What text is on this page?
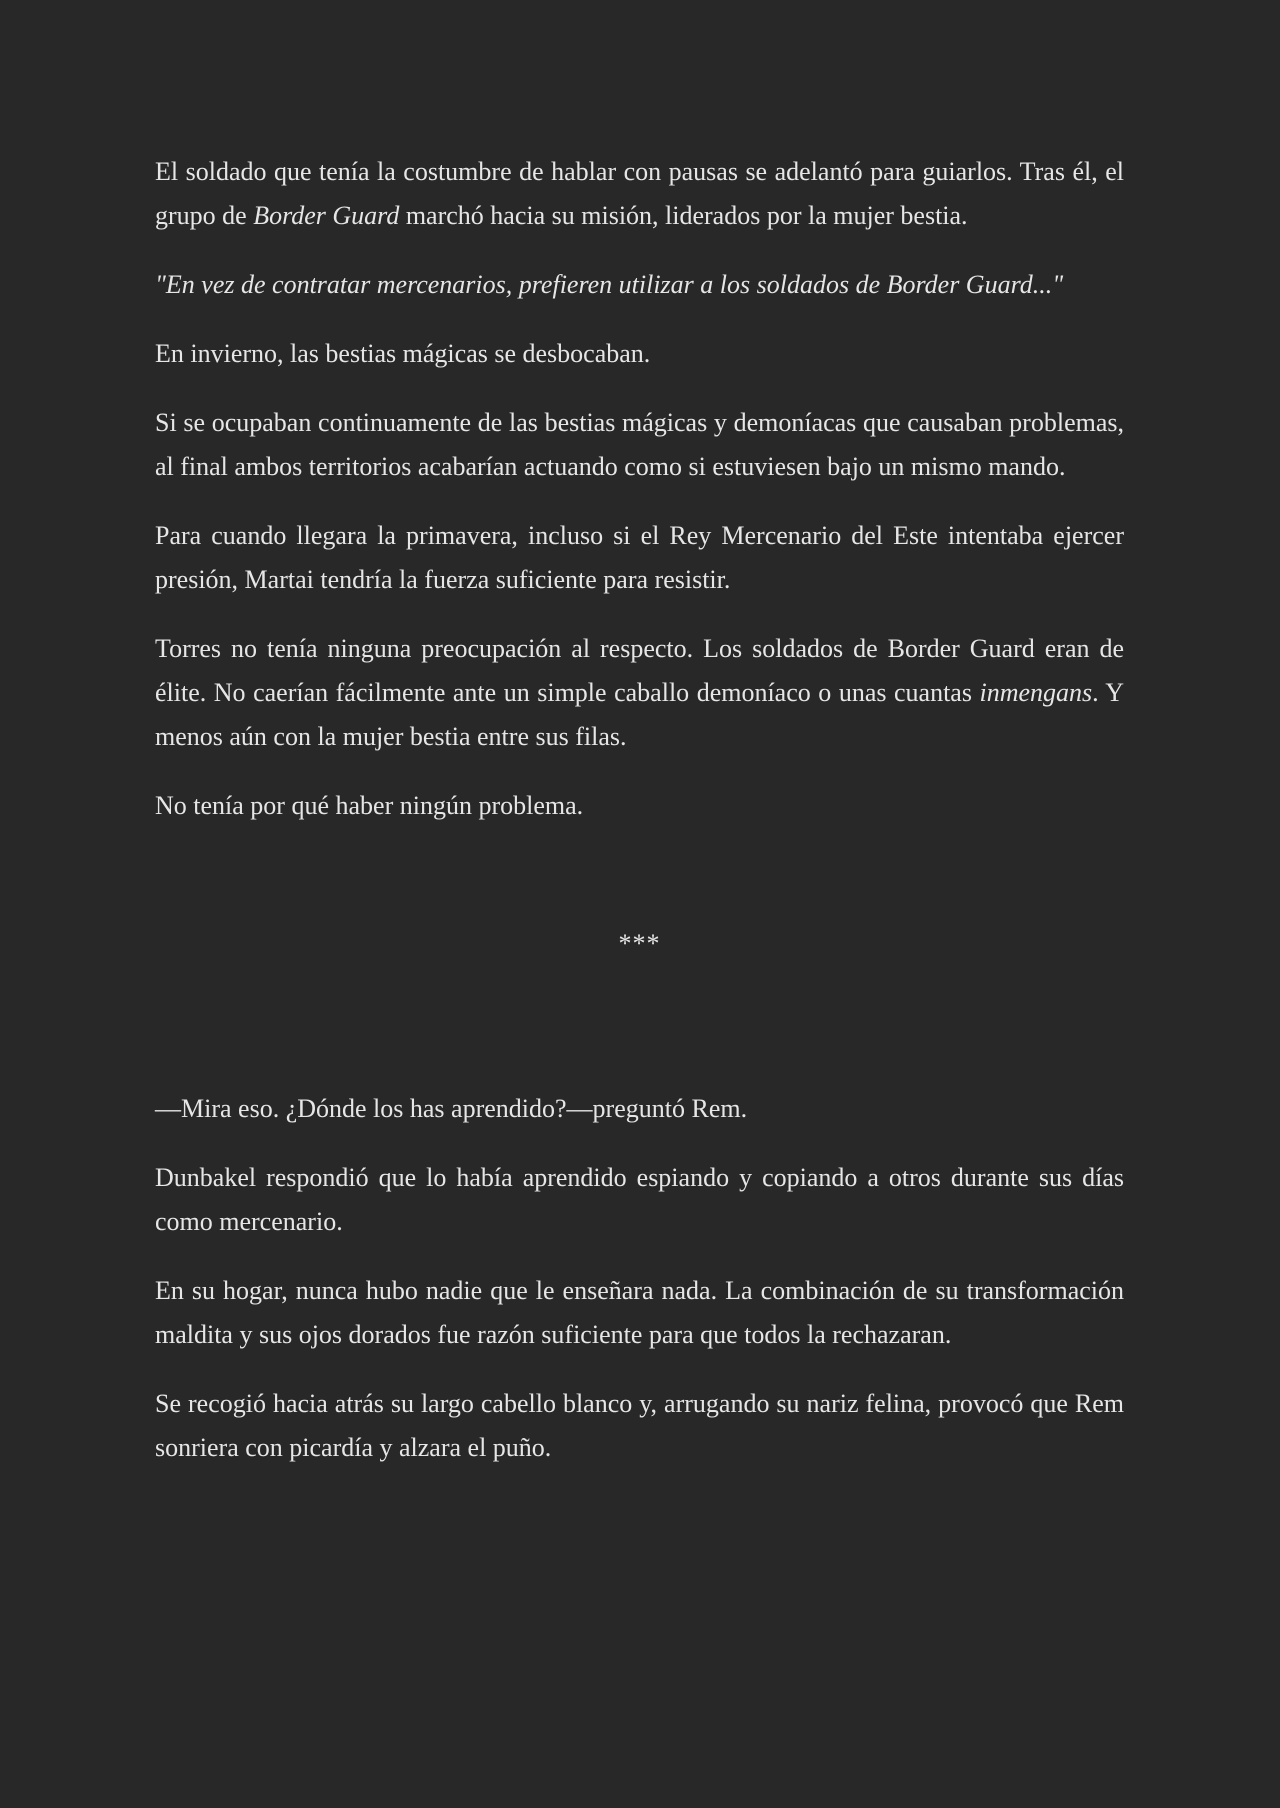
El soldado que tenía la costumbre de hablar con pausas se adelantó para guiarlos. Tras él, el grupo de Border Guard marchó hacia su misión, liderados por la mujer bestia.

"En vez de contratar mercenarios, prefieren utilizar a los soldados de Border Guard..."

En invierno, las bestias mágicas se desbocaban.

Si se ocupaban continuamente de las bestias mágicas y demoníacas que causaban problemas, al final ambos territorios acabarían actuando como si estuviesen bajo un mismo mando.

Para cuando llegara la primavera, incluso si el Rey Mercenario del Este intentaba ejercer presión, Martai tendría la fuerza suficiente para resistir.

Torres no tenía ninguna preocupación al respecto. Los soldados de Border Guard eran de élite. No caerían fácilmente ante un simple caballo demoníaco o unas cuantas inmengans. Y menos aún con la mujer bestia entre sus filas.

No tenía por qué haber ningún problema.

***

—Mira eso. ¿Dónde los has aprendido?—preguntó Rem.

Dunbakel respondió que lo había aprendido espiando y copiando a otros durante sus días como mercenario.

En su hogar, nunca hubo nadie que le enseñara nada. La combinación de su transformación maldita y sus ojos dorados fue razón suficiente para que todos la rechazaran.

Se recogió hacia atrás su largo cabello blanco y, arrugando su nariz felina, provocó que Rem sonriera con picardía y alzara el puño.
